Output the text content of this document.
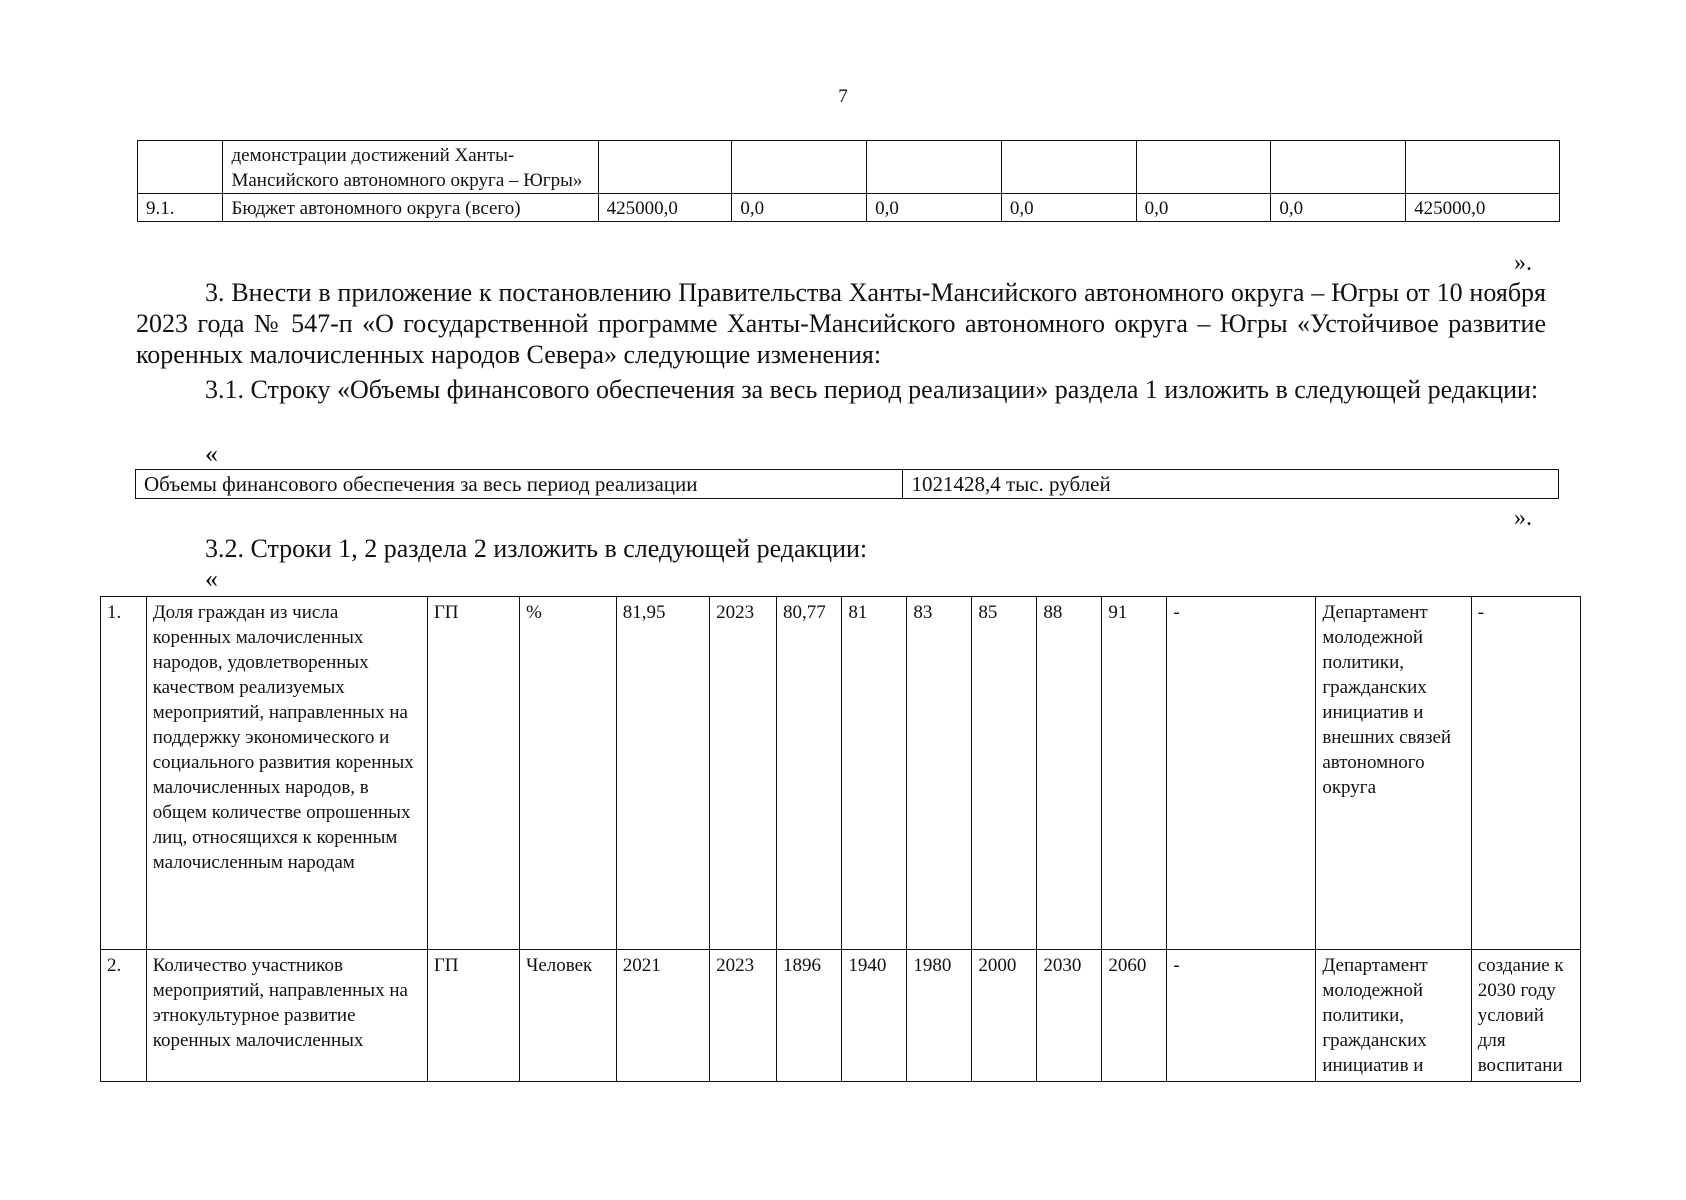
7
	демонстрации достижений Ханты-Мансийского автономного округа – Югры»							
9.1.	Бюджет автономного округа (всего)	425000,0	0,0	0,0	0,0	0,0	0,0	425000,0
».
3. Внести в приложение к постановлению Правительства Ханты-Мансийского автономного округа – Югры от 10 ноября 2023 года № 547-п «О государственной программе Ханты-Мансийского автономного округа – Югры «Устойчивое развитие коренных малочисленных народов Севера» следующие изменения:
3.1. Строку «Объемы финансового обеспечения за весь период реализации» раздела 1 изложить в следующей редакции:
«
Объемы финансового обеспечения за весь период реализации	1021428,4 тыс. рублей
».
3.2. Строки 1, 2 раздела 2 изложить в следующей редакции:
«
1.	Доля граждан из числа коренных малочисленных народов, удовлетворенных качеством реализуемых мероприятий, направленных на поддержку экономического и социального развития коренных малочисленных народов, в общем количестве опрошенных лиц, относящихся к коренным малочисленным народам	ГП	%	81,95	2023	80,77	81	83	85	88	91	-	Департамент молодежной политики, гражданских инициатив и внешних связей автономного округа	-
2.	Количество участников мероприятий, направленных на этнокультурное развитие коренных малочисленных	ГП	Человек	2021	2023	1896	1940	1980	2000	2030	2060	-	Департамент молодежной политики, гражданских инициатив и	создание к 2030 году условий для воспитани
